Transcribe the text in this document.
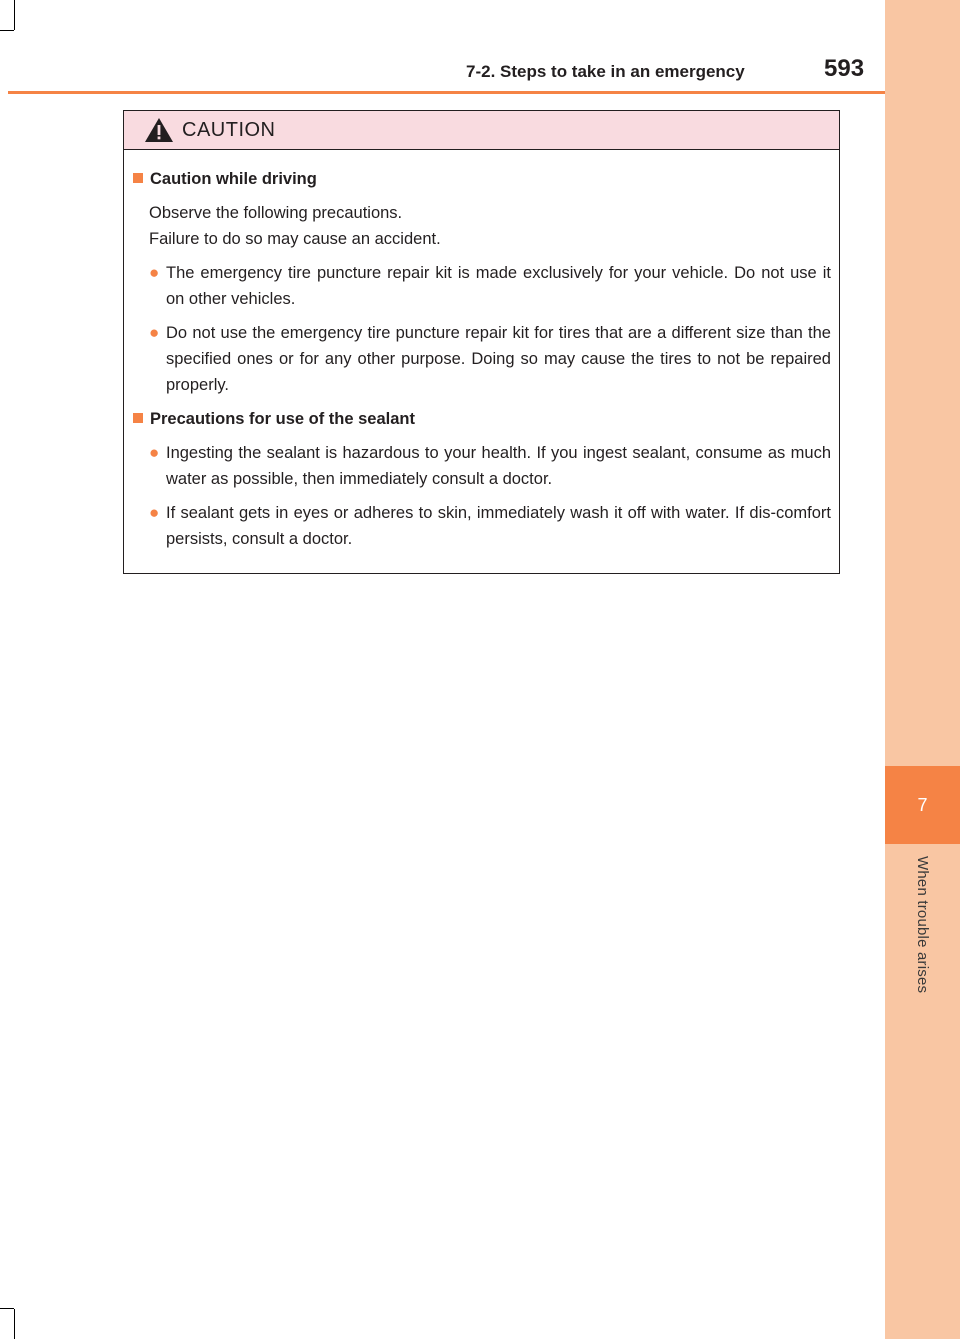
7
When trouble arises
7-2. Steps to take in an emergency	593
CAUTION
Caution while driving
Observe the following precautions.
Failure to do so may cause an accident.
● The emergency tire puncture repair kit is made exclusively for your vehicle. Do not use it on other vehicles.
● Do not use the emergency tire puncture repair kit for tires that are a different size than the specified ones or for any other purpose. Doing so may cause the tires to not be repaired properly.
Precautions for use of the sealant
● Ingesting the sealant is hazardous to your health. If you ingest sealant, consume as much water as possible, then immediately consult a doctor.
● If sealant gets in eyes or adheres to skin, immediately wash it off with water. If dis-comfort persists, consult a doctor.
